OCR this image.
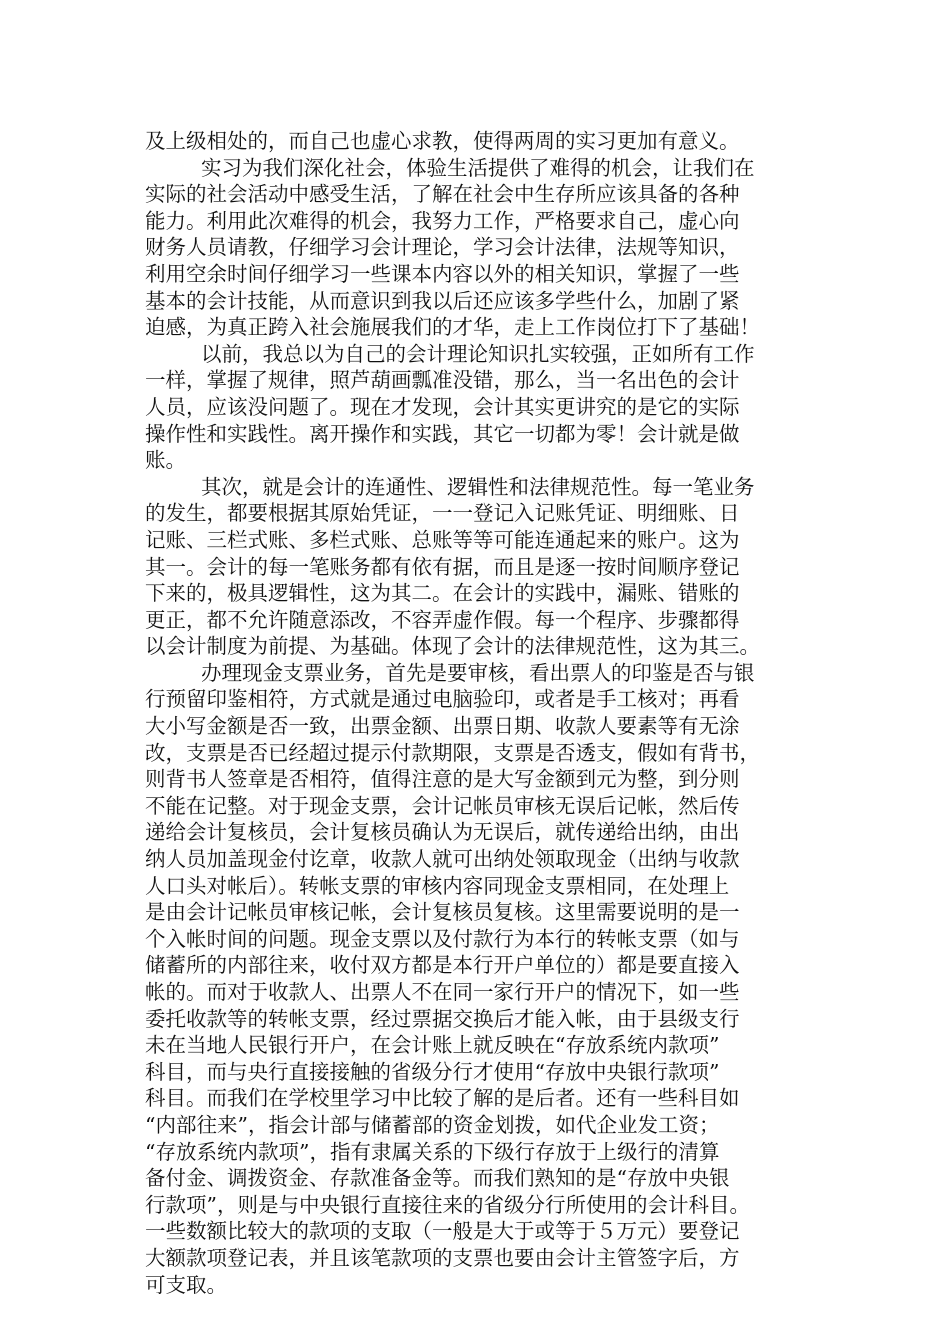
及上级相处的，而自己也虚心求教，使得两周的实习更加有意义。
实习为我们深化社会，体验生活提供了难得的机会，让我们在
实际的社会活动中感受生活，了解在社会中生存所应该具备的各种
能力。利用此次难得的机会，我努力工作，严格要求自己，虚心向
财务人员请教，仔细学习会计理论，学习会计法律，法规等知识，
利用空余时间仔细学习一些课本内容以外的相关知识，掌握了一些
基本的会计技能，从而意识到我以后还应该多学些什么，加剧了紧
迫感，为真正跨入社会施展我们的才华，走上工作岗位打下了基础！
以前，我总以为自己的会计理论知识扎实较强，正如所有工作
一样，掌握了规律，照芦葫画瓢准没错，那么，当一名出色的会计
人员，应该没问题了。现在才发现，会计其实更讲究的是它的实际
操作性和实践性。离开操作和实践，其它一切都为零！会计就是做
账。
其次，就是会计的连通性、逻辑性和法律规范性。每一笔业务
的发生，都要根据其原始凭证，一一登记入记账凭证、明细账、日
记账、三栏式账、多栏式账、总账等等可能连通起来的账户。这为
其一。会计的每一笔账务都有依有据，而且是逐一按时间顺序登记
下来的，极具逻辑性，这为其二。在会计的实践中，漏账、错账的
更正，都不允许随意添改，不容弄虚作假。每一个程序、步骤都得
以会计制度为前提、为基础。体现了会计的法律规范性，这为其三。
办理现金支票业务，首先是要审核，看出票人的印鉴是否与银
行预留印鉴相符，方式就是通过电脑验印，或者是手工核对；再看
大小写金额是否一致，出票金额、出票日期、收款人要素等有无涂
改，支票是否已经超过提示付款期限，支票是否透支，假如有背书，
则背书人签章是否相符，值得注意的是大写金额到元为整，到分则
不能在记整。对于现金支票，会计记帐员审核无误后记帐，然后传
递给会计复核员，会计复核员确认为无误后，就传递给出纳，由出
纳人员加盖现金付讫章，收款人就可出纳处领取现金（出纳与收款
人口头对帐后）。转帐支票的审核内容同现金支票相同，在处理上
是由会计记帐员审核记帐，会计复核员复核。这里需要说明的是一
个入帐时间的问题。现金支票以及付款行为本行的转帐支票（如与
储蓄所的内部往来，收付双方都是本行开户单位的）都是要直接入
帐的。而对于收款人、出票人不在同一家行开户的情况下，如一些
委托收款等的转帐支票，经过票据交换后才能入帐，由于县级支行
未在当地人民银行开户，在会计账上就反映在“存放系统内款项”
科目，而与央行直接接触的省级分行才使用“存放中央银行款项”
科目。而我们在学校里学习中比较了解的是后者。还有一些科目如
“内部往来”，指会计部与储蓄部的资金划拨，如代企业发工资；
“存放系统内款项”，指有隶属关系的下级行存放于上级行的清算
备付金、调拨资金、存款准备金等。而我们熟知的是“存放中央银
行款项”，则是与中央银行直接往来的省级分行所使用的会计科目。
一些数额比较大的款项的支取（一般是大于或等于５万元）要登记
大额款项登记表，并且该笔款项的支票也要由会计主管签字后，方
可支取。
